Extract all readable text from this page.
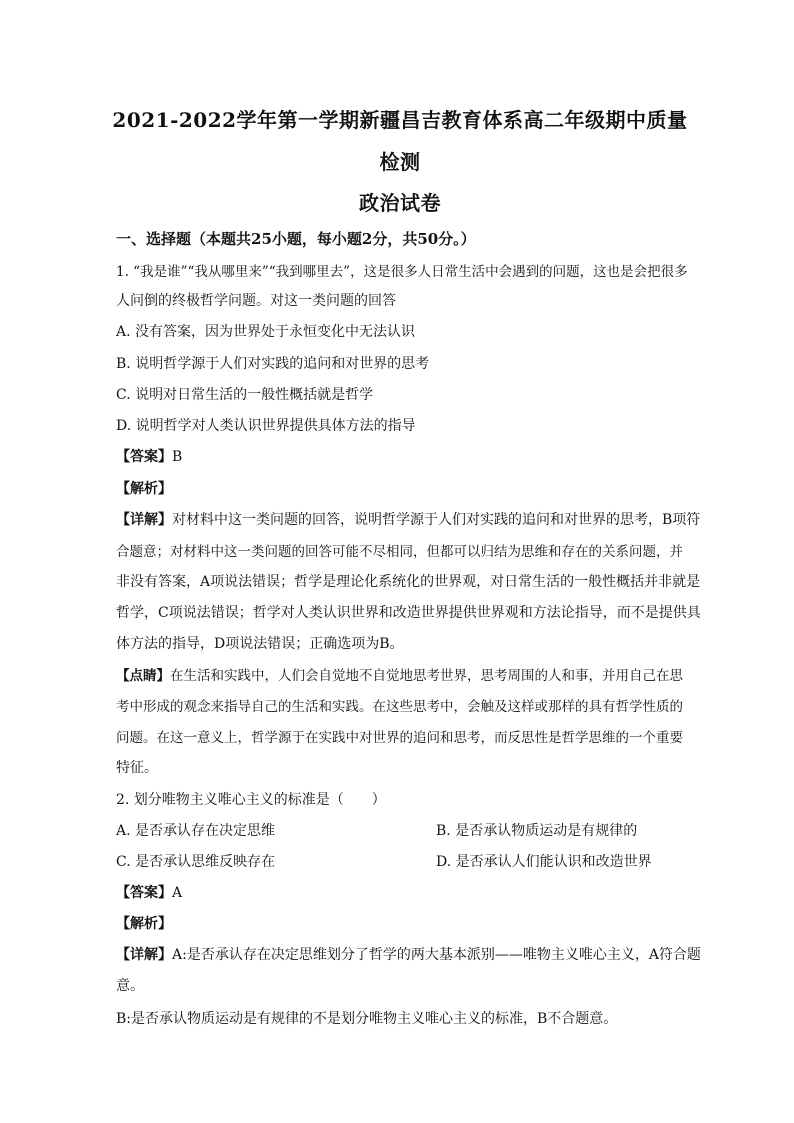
2021-2022学年第一学期新疆昌吉教育体系高二年级期中质量
检测
政治试卷
一、选择题（本题共25小题，每小题2分，共50分。）
1. “我是谁”“我从哪里来”“我到哪里去”，这是很多人日常生活中会遇到的问题，这也是会把很多
人问倒的终极哲学问题。对这一类问题的回答
A. 没有答案，因为世界处于永恒变化中无法认识
B. 说明哲学源于人们对实践的追问和对世界的思考
C. 说明对日常生活的一般性概括就是哲学
D. 说明哲学对人类认识世界提供具体方法的指导
【答案】B
【解析】
【详解】对材料中这一类问题的回答，说明哲学源于人们对实践的追问和对世界的思考，B项符
合题意；对材料中这一类问题的回答可能不尽相同，但都可以归结为思维和存在的关系问题，并
非没有答案，A项说法错误；哲学是理论化系统化的世界观，对日常生活的一般性概括并非就是
哲学，C项说法错误；哲学对人类认识世界和改造世界提供世界观和方法论指导，而不是提供具
体方法的指导，D项说法错误；正确选项为B。
【点睛】在生活和实践中，人们会自觉地不自觉地思考世界，思考周围的人和事，并用自己在思
考中形成的观念来指导自己的生活和实践。在这些思考中，会触及这样或那样的具有哲学性质的
问题。在这一意义上，哲学源于在实践中对世界的追问和思考，而反思性是哲学思维的一个重要
特征。
2. 划分唯物主义唯心主义的标准是（　　）
A. 是否承认存在决定思维	B. 是否承认物质运动是有规律的
C. 是否承认思维反映存在	D. 是否承认人们能认识和改造世界
【答案】A
【解析】
【详解】A:是否承认存在决定思维划分了哲学的两大基本派别——唯物主义唯心主义，A符合题
意。
B:是否承认物质运动是有规律的不是划分唯物主义唯心主义的标准，B不合题意。
